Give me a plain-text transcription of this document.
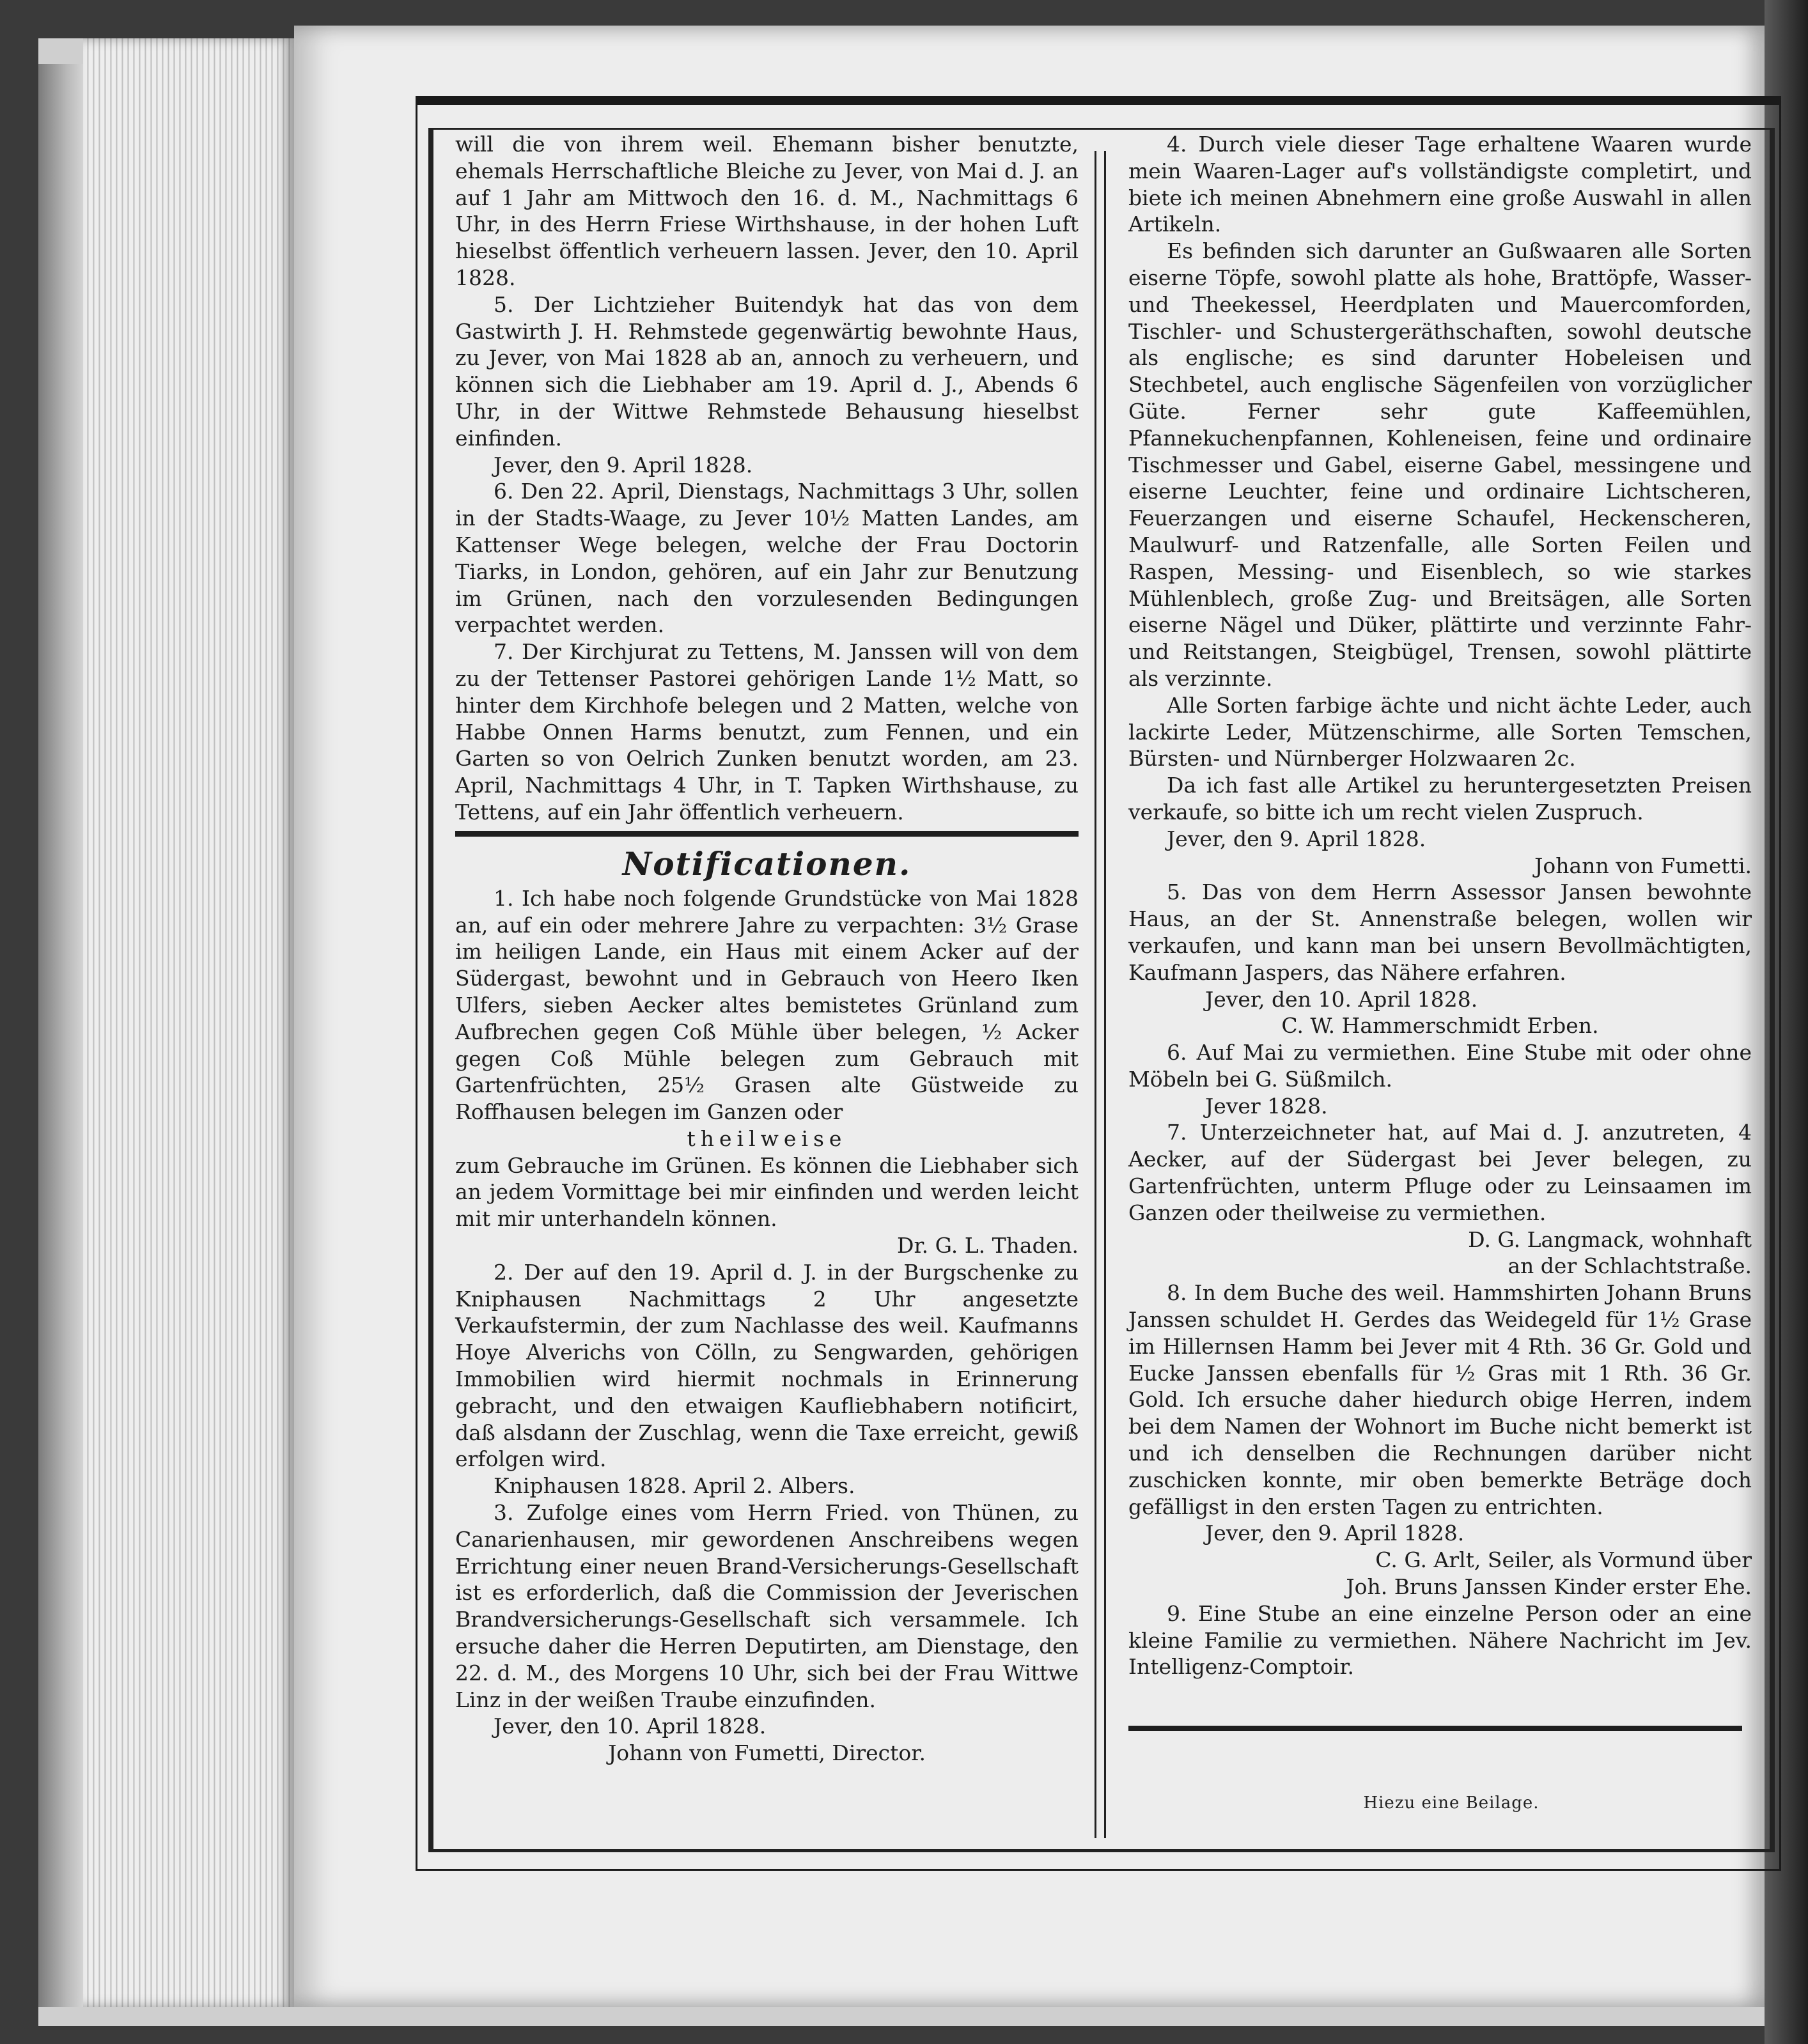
will die von ihrem weil. Ehemann bisher benutzte, ehemals Herrschaftliche Bleiche zu Jever, von Mai d. J. an auf 1 Jahr am Mittwoch den 16. d. M., Nachmittags 6 Uhr, in des Herrn Friese Wirthshause, in der hohen Luft hieselbst öffentlich verheuern lassen. Jever, den 10. April 1828.

5. Der Lichtzieher Buitendyk hat das von dem Gastwirth J. H. Rehmstede gegenwärtig bewohnte Haus, zu Jever, von Mai 1828 ab an, annoch zu verheuern, und können sich die Liebhaber am 19. April d. J., Abends 6 Uhr, in der Wittwe Rehmstede Behausung hieselbst einfinden.

Jever, den 9. April 1828.

6. Den 22. April, Dienstags, Nachmittags 3 Uhr, sollen in der Stadts-Waage, zu Jever 10½ Matten Landes, am Kattenser Wege belegen, welche der Frau Doctorin Tiarks, in London, gehören, auf ein Jahr zur Benutzung im Grünen, nach den vorzulesenden Bedingungen verpachtet werden.

7. Der Kirchjurat zu Tettens, M. Janssen will von dem zu der Tettenser Pastorei gehörigen Lande 1½ Matt, so hinter dem Kirchhofe belegen und 2 Matten, welche von Habbe Onnen Harms benutzt, zum Fennen, und ein Garten so von Oelrich Zunken benutzt worden, am 23. April, Nachmittags 4 Uhr, in T. Tapken Wirthshause, zu Tettens, auf ein Jahr öffentlich verheuern.

Notificationen.

1. Ich habe noch folgende Grundstücke von Mai 1828 an, auf ein oder mehrere Jahre zu verpachten: 3½ Grase im heiligen Lande, ein Haus mit einem Acker auf der Südergast, bewohnt und in Gebrauch von Heero Iken Ulfers, sieben Aecker altes bemistetes Grünland zum Aufbrechen gegen Coß Mühle über belegen, ½ Acker gegen Coß Mühle belegen zum Gebrauch mit Gartenfrüchten, 25½ Grasen alte Güstweide zu Roffhausen belegen im Ganzen oder

theilweise

zum Gebrauche im Grünen. Es können die Liebhaber sich an jedem Vormittage bei mir einfinden und werden leicht mit mir unterhandeln können.

Dr. G. L. Thaden.

2. Der auf den 19. April d. J. in der Burgschenke zu Kniphausen Nachmittags 2 Uhr angesetzte Verkaufstermin, der zum Nachlasse des weil. Kaufmanns Hoye Alverichs von Cölln, zu Sengwarden, gehörigen Immobilien wird hiermit nochmals in Erinnerung gebracht, und den etwaigen Kaufliebhabern notificirt, daß alsdann der Zuschlag, wenn die Taxe erreicht, gewiß erfolgen wird.

Kniphausen 1828. April 2. Albers.

3. Zufolge eines vom Herrn Fried. von Thünen, zu Canarienhausen, mir gewordenen Anschreibens wegen Errichtung einer neuen Brand-Versicherungs-Gesellschaft ist es erforderlich, daß die Commission der Jeverischen Brandversicherungs-Gesellschaft sich versammele. Ich ersuche daher die Herren Deputirten, am Dienstage, den 22. d. M., des Morgens 10 Uhr, sich bei der Frau Wittwe Linz in der weißen Traube einzufinden.

Jever, den 10. April 1828.

Johann von Fumetti, Director.

4. Durch viele dieser Tage erhaltene Waaren wurde mein Waaren-Lager auf's vollständigste completirt, und biete ich meinen Abnehmern eine große Auswahl in allen Artikeln.

Es befinden sich darunter an Gußwaaren alle Sorten eiserne Töpfe, sowohl platte als hohe, Brattöpfe, Wasser- und Theekessel, Heerdplaten und Mauercomforden, Tischler- und Schustergeräthschaften, sowohl deutsche als englische; es sind darunter Hobeleisen und Stechbetel, auch englische Sägenfeilen von vorzüglicher Güte. Ferner sehr gute Kaffeemühlen, Pfannekuchenpfannen, Kohleneisen, feine und ordinaire Tischmesser und Gabel, eiserne Gabel, messingene und eiserne Leuchter, feine und ordinaire Lichtscheren, Feuerzangen und eiserne Schaufel, Heckenscheren, Maulwurf- und Ratzenfalle, alle Sorten Feilen und Raspen, Messing- und Eisenblech, so wie starkes Mühlenblech, große Zug- und Breitsägen, alle Sorten eiserne Nägel und Düker, plättirte und verzinnte Fahr- und Reitstangen, Steigbügel, Trensen, sowohl plättirte als verzinnte.

Alle Sorten farbige ächte und nicht ächte Leder, auch lackirte Leder, Mützenschirme, alle Sorten Temschen, Bürsten- und Nürnberger Holzwaaren 2c.

Da ich fast alle Artikel zu heruntergesetzten Preisen verkaufe, so bitte ich um recht vielen Zuspruch.

Jever, den 9. April 1828.

Johann von Fumetti.

5. Das von dem Herrn Assessor Jansen bewohnte Haus, an der St. Annenstraße belegen, wollen wir verkaufen, und kann man bei unsern Bevollmächtigten, Kaufmann Jaspers, das Nähere erfahren.

Jever, den 10. April 1828.

C. W. Hammerschmidt Erben.

6. Auf Mai zu vermiethen. Eine Stube mit oder ohne Möbeln bei G. Süßmilch.

Jever 1828.

7. Unterzeichneter hat, auf Mai d. J. anzutreten, 4 Aecker, auf der Südergast bei Jever belegen, zu Gartenfrüchten, unterm Pfluge oder zu Leinsaamen im Ganzen oder theilweise zu vermiethen.

D. G. Langmack, wohnhaft

an der Schlachtstraße.

8. In dem Buche des weil. Hammshirten Johann Bruns Janssen schuldet H. Gerdes das Weidegeld für 1½ Grase im Hillernsen Hamm bei Jever mit 4 Rth. 36 Gr. Gold und Eucke Janssen ebenfalls für ½ Gras mit 1 Rth. 36 Gr. Gold. Ich ersuche daher hiedurch obige Herren, indem bei dem Namen der Wohnort im Buche nicht bemerkt ist und ich denselben die Rechnungen darüber nicht zuschicken konnte, mir oben bemerkte Beträge doch gefälligst in den ersten Tagen zu entrichten.

Jever, den 9. April 1828.

C. G. Arlt, Seiler, als Vormund über

Joh. Bruns Janssen Kinder erster Ehe.

9. Eine Stube an eine einzelne Person oder an eine kleine Familie zu vermiethen. Nähere Nachricht im Jev. Intelligenz-Comptoir.

Hiezu eine Beilage.
